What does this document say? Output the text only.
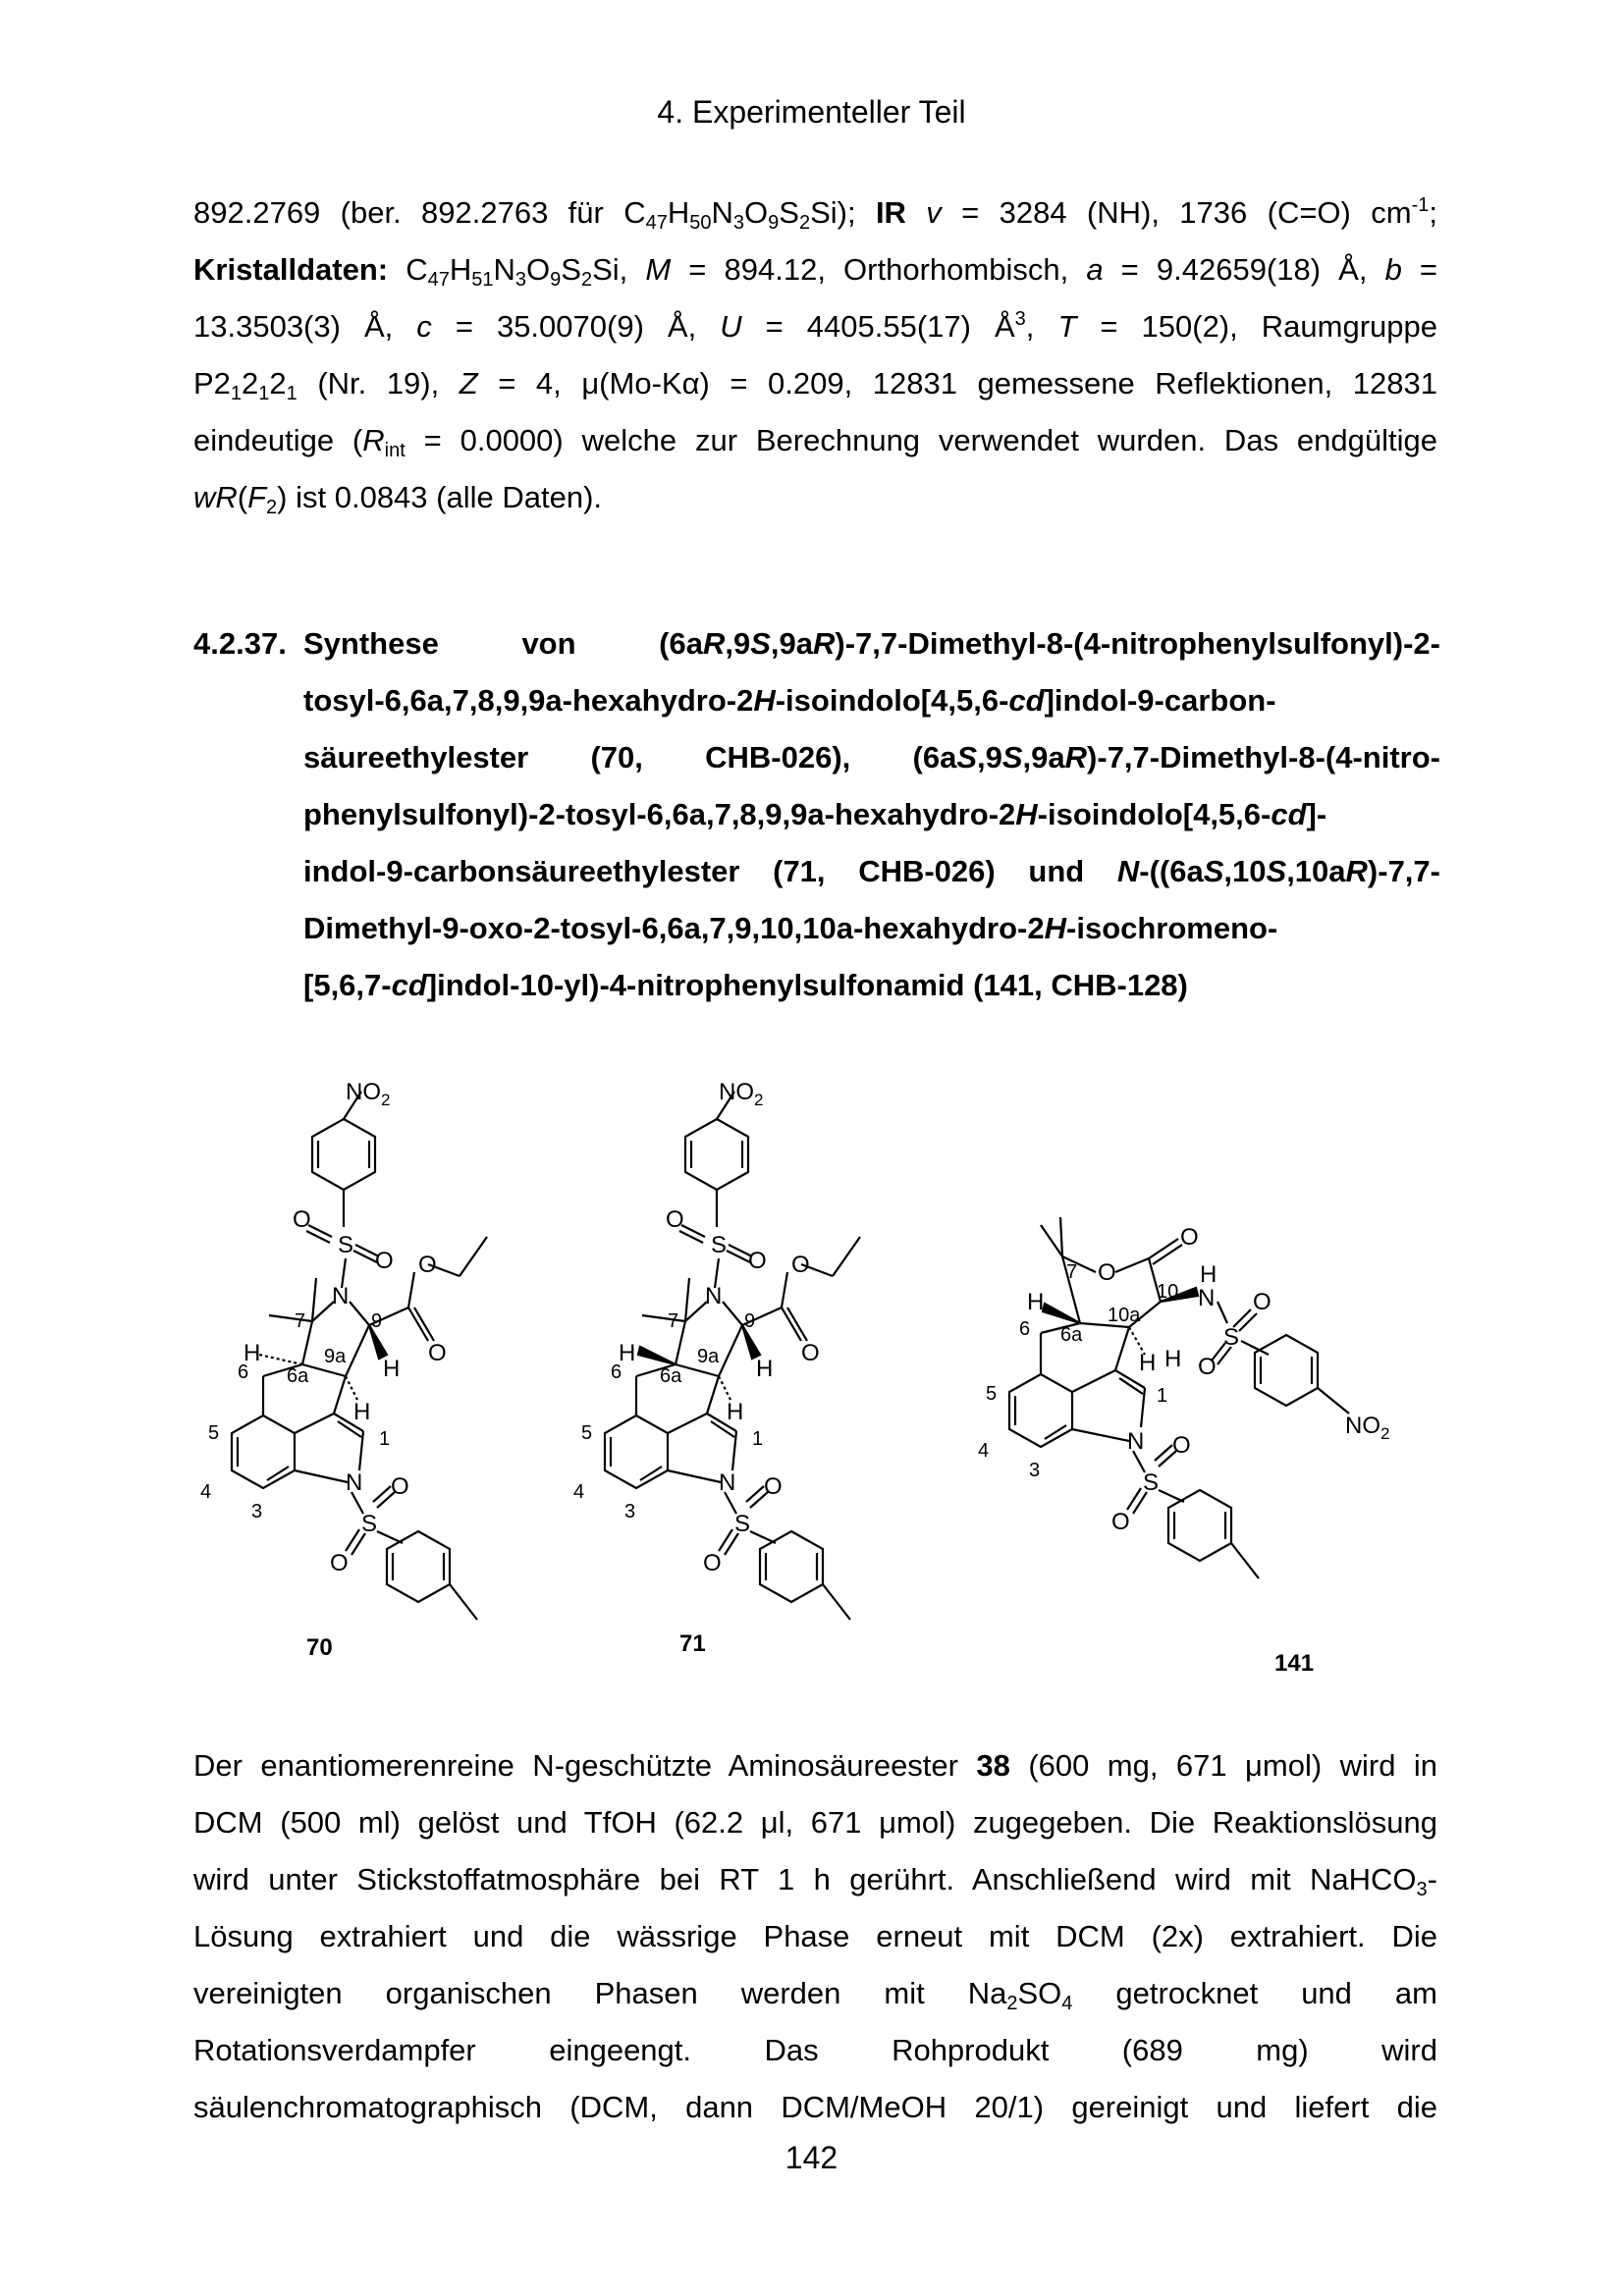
4. Experimenteller Teil
892.2769 (ber. 892.2763 für $C_{47}H_{50}N_3O_9S_2Si$); IR v = 3284 (NH), 1736 (C=O) $cm^{-1}$;
Kristalldaten: $C_{47}H_{51}N_3O_9S_2Si$, M = 894.12, Orthorhombisch, a = 9.42659(18) Å, b =
13.3503(3) Å, c = 35.0070(9) Å, U = 4405.55(17) $Å^3$, T = 150(2), Raumgruppe
$P2_12_12_1$ (Nr. 19), Z = 4, μ(Mo-Kα) = 0.209, 12831 gemessene Reflektionen, 12831
eindeutige $(R_{int} = 0.0000)$ welche zur Berechnung verwendet wurden. Das endgültige
$wR(F_2)$ ist 0.0843 (alle Daten).
4.2.37. Synthese von (6aR,9S,9aR)-7,7-Dimethyl-8-(4-nitrophenylsulfonyl)-2-
tosyl-6,6a,7,8,9,9a-hexahydro-2H-isoindolo[4,5,6-cd]indol-9-carbon-
säureethylester (70, CHB-026), (6aS,9S,9aR)-7,7-Dimethyl-8-(4-nitro-
phenylsulfonyl)-2-tosyl-6,6a,7,8,9,9a-hexahydro-2H-isoindolo[4,5,6-cd]-
indol-9-carbonsäureethylester (71, CHB-026) und N-((6aS,10S,10aR)-7,7-
Dimethyl-9-oxo-2-tosyl-6,6a,7,9,10,10a-hexahydro-2H-isochromeno-
[5,6,7-cd]indol-10-yl)-4-nitrophenylsulfonamid (141, CHB-128)
$NO_2$
S
O
O
N
O
O
H
H
H
N
S
O
O
7	9
9a
6a
6
1
5
4
3
70
$NO_2$
S
O
O
N
O
O
H
H
H
N
S
O
O
7	9
9a
6a
6
1
5
4
3
71
O
O
H
H
N
S
O
O
H H
$NO_2$
N
S
O
O
7
10
10a
6a
6
1
5
4
3
141
Der enantiomerenreine N-geschützte Aminosäureester 38 (600 mg, 671 μmol) wird in
DCM (500 ml) gelöst und TfOH (62.2 μl, 671 μmol) zugegeben. Die Reaktionslösung
wird unter Stickstoffatmosphäre bei RT 1 h gerührt. Anschließend wird mit NaHCO$_3$-
Lösung extrahiert und die wässrige Phase erneut mit DCM (2x) extrahiert. Die
vereinigten organischen Phasen werden mit $Na_2SO_4$ getrocknet und am
Rotationsverdampfer eingeengt. Das Rohprodukt (689 mg) wird
säulenchromatographisch (DCM, dann DCM/MeOH 20/1) gereinigt und liefert die
142
